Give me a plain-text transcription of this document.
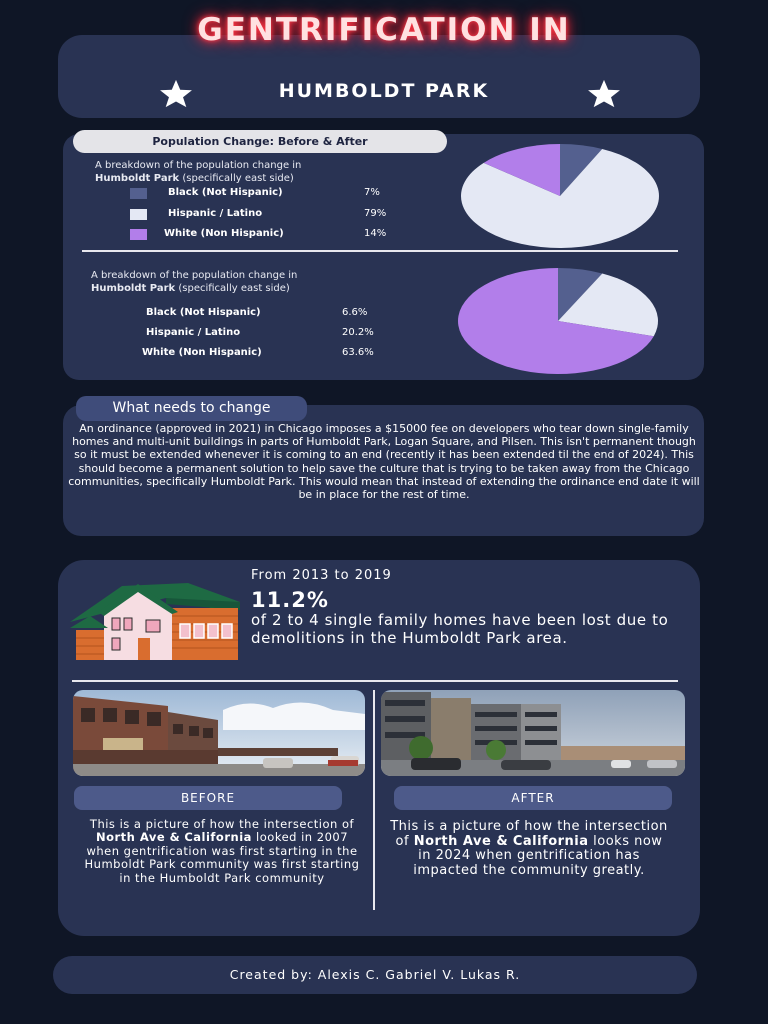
GENTRIFICATION IN
HUMBOLDT PARK
Population Change: Before & After
A breakdown of the population change in
Humboldt Park (specifically east side)
Black (Not Hispanic)	7%
Hispanic / Latino	79%
White (Non Hispanic)	14%
A breakdown of the population change in
Humboldt Park (specifically east side)
Black (Not Hispanic)	6.6%
Hispanic / Latino	20.2%
White (Non Hispanic)	63.6%
What needs to change
An ordinance (approved in 2021) in Chicago imposes a $15000 fee on developers who tear down single-family homes and multi-unit buildings in parts of Humboldt Park, Logan Square, and Pilsen. This isn't permanent though so it must be extended whenever it is coming to an end (recently it has been extended til the end of 2024). This should become a permanent solution to help save the culture that is trying to be taken away from the Chicago communities, specifically Humboldt Park. This would mean that instead of extending the ordinance end date it will be in place for the rest of time.
From 2013 to 2019
11.2%
of 2 to 4 single family homes have been lost due to demolitions in the Humboldt Park area.
BEFORE	AFTER
This is a picture of how the intersection of North Ave & California looked in 2007 when gentrification was first starting in the Humboldt Park community was first starting in the Humboldt Park community
This is a picture of how the intersection of North Ave & California looks now in 2024 when gentrification has impacted the community greatly.
Created by: Alexis C. Gabriel V. Lukas R.
